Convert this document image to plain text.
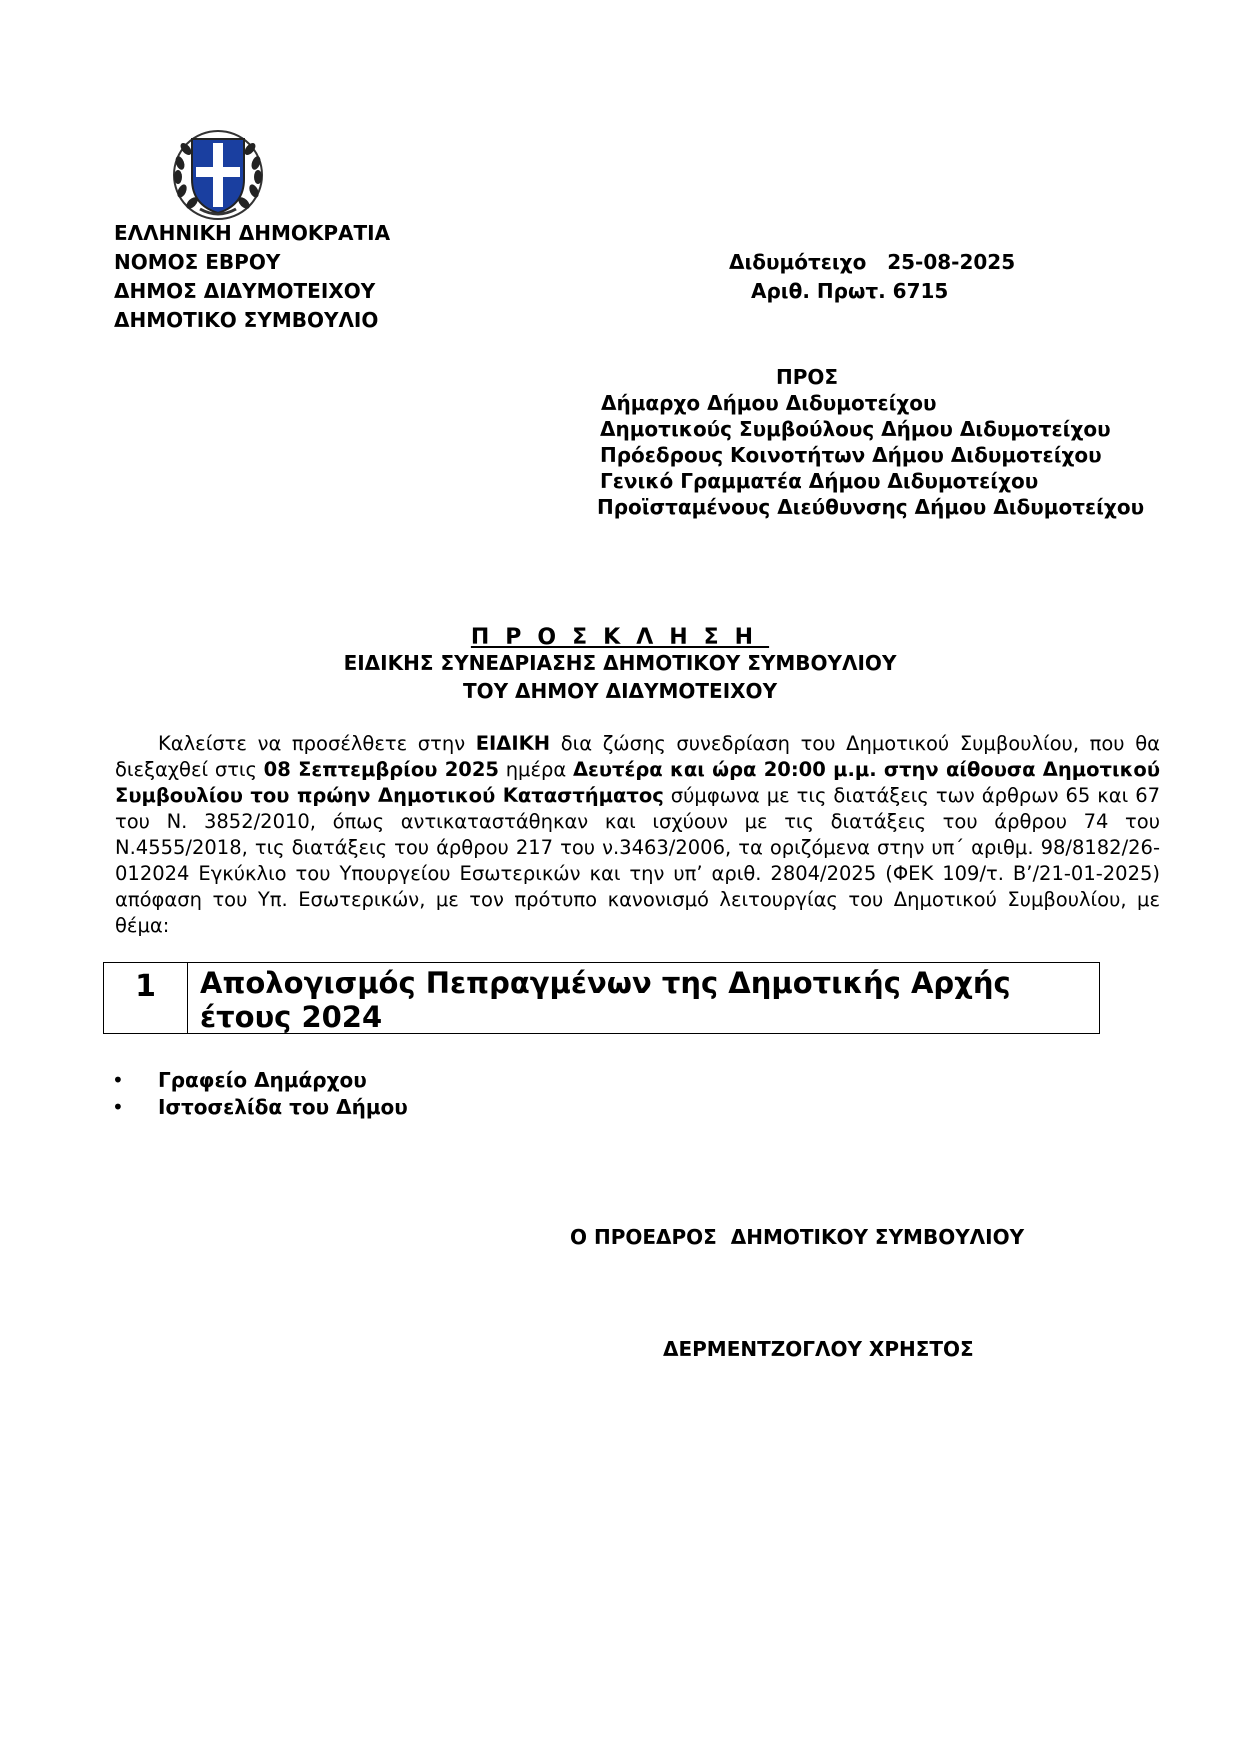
ΕΛΛΗΝΙΚΗ ΔΗΜΟΚΡΑΤΙΑ
ΝΟΜΟΣ ΕΒΡΟΥ
ΔΗΜΟΣ ΔΙΔΥΜΟΤΕΙΧΟΥ
ΔΗΜΟΤΙΚΟ ΣΥΜΒΟΥΛΙΟ
Διδυμότειχο   25-08-2025
Αριθ. Πρωτ. 6715
ΠΡΟΣ
Δήμαρχο Δήμου Διδυμοτείχου
Δημοτικούς Συμβούλους Δήμου Διδυμοτείχου
Πρόεδρους Κοινοτήτων Δήμου Διδυμοτείχου
Γενικό Γραμματέα Δήμου Διδυμοτείχου
Προϊσταμένους Διεύθυνσης Δήμου Διδυμοτείχου
ΠΡΟΣΚΛΗΣΗ
ΕΙΔΙΚΗΣ ΣΥΝΕΔΡΙΑΣΗΣ ΔΗΜΟΤΙΚΟΥ ΣΥΜΒΟΥΛΙΟΥ
ΤΟΥ ΔΗΜΟΥ ΔΙΔΥΜΟΤΕΙΧΟΥ
Καλείστε να προσέλθετε στην ΕΙΔΙΚΗ δια ζώσης συνεδρίαση του Δημοτικού Συμβουλίου, που θα διεξαχθεί στις 08 Σεπτεμβρίου 2025 ημέρα Δευτέρα και ώρα 20:00 μ.μ. στην αίθουσα Δημοτικού Συμβουλίου του πρώην Δημοτικού Καταστήματος σύμφωνα με τις διατάξεις των άρθρων 65 και 67 του Ν. 3852/2010, όπως αντικαταστάθηκαν και ισχύουν με τις διατάξεις του άρθρου 74 του Ν.4555/2018, τις διατάξεις του άρθρου 217 του ν.3463/2006, τα οριζόμενα στην υπ΄ αριθμ. 98/8182/26-012024 Εγκύκλιο του Υπουργείου Εσωτερικών και την υπ’ αριθ. 2804/2025 (ΦΕΚ 109/τ. Β’/21-01-2025) απόφαση του Υπ. Εσωτερικών, με τον πρότυπο κανονισμό λειτουργίας του Δημοτικού Συμβουλίου, με θέμα:
1	Απολογισμός Πεπραγμένων της Δημοτικής Αρχής έτους 2024
• Γραφείο Δημάρχου
• Ιστοσελίδα του Δήμου
Ο ΠΡΟΕΔΡΟΣ  ΔΗΜΟΤΙΚΟΥ ΣΥΜΒΟΥΛΙΟΥ
ΔΕΡΜΕΝΤΖΟΓΛΟΥ ΧΡΗΣΤΟΣ
